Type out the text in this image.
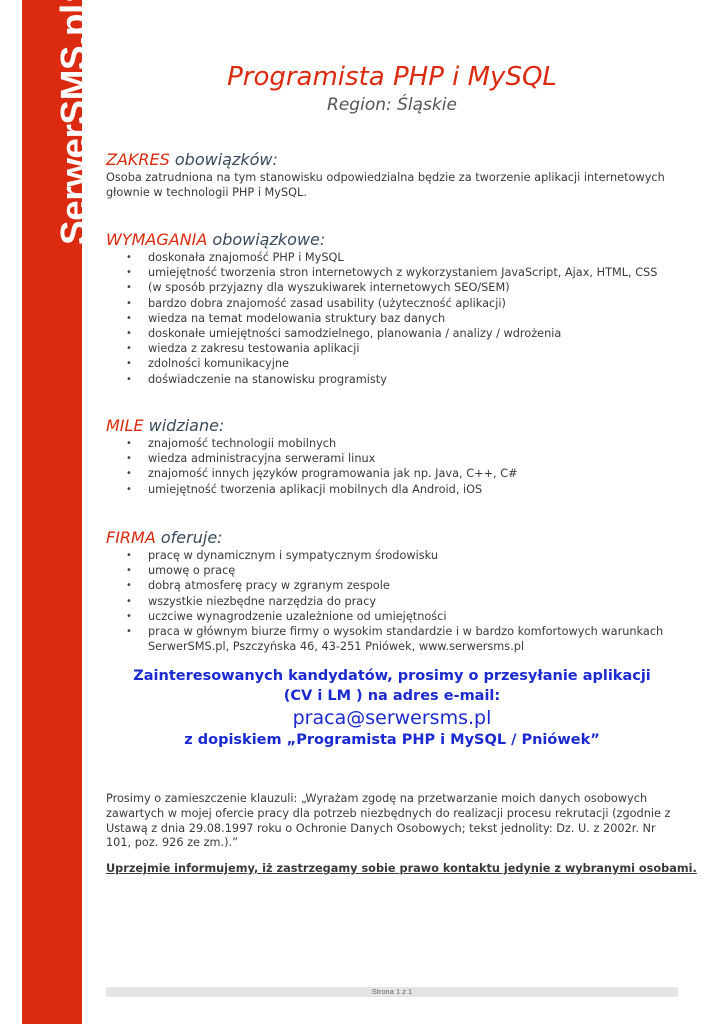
SerwerSMS.pl System Obsługi Marketingu Mobilnego	Programista PHP i MySQL
Region: Śląskie
ZAKRES obowiązków:

Osoba zatrudniona na tym stanowisku odpowiedzialna będzie za tworzenie aplikacji internetowych głownie w technologii PHP i MySQL.

WYMAGANIA obowiązkowe:
• doskonała znajomość PHP i MySQL
• umiejętność tworzenia stron internetowych z wykorzystaniem JavaScript, Ajax, HTML, CSS
• (w sposób przyjazny dla wyszukiwarek internetowych SEO/SEM)
• bardzo dobra znajomość zasad usability (użyteczność aplikacji)
• wiedza na temat modelowania struktury baz danych
• doskonałe umiejętności samodzielnego, planowania / analizy / wdrożenia
• wiedza z zakresu testowania aplikacji
• zdolności komunikacyjne
• doświadczenie na stanowisku programisty
MILE widziane:
• znajomość technologii mobilnych
• wiedza administracyjna serwerami linux
• znajomość innych języków programowania jak np. Java, C++, C#
• umiejętność tworzenia aplikacji mobilnych dla Android, iOS
FIRMA oferuje:
• pracę w dynamicznym i sympatycznym środowisku
• umowę o pracę
• dobrą atmosferę pracy w zgranym zespole
• wszystkie niezbędne narzędzia do pracy
• uczciwe wynagrodzenie uzależnione od umiejętności
• praca w głównym biurze firmy o wysokim standardzie i w bardzo komfortowych warunkach

SerwerSMS.pl, Pszczyńska 46, 43-251 Pniówek, www.serwersms.pl

Zainteresowanych kandydatów, prosimy o przesyłanie aplikacji
(CV i LM ) na adres e-mail:
praca@serwersms.pl
z dopiskiem „Programista PHP i MySQL / Pniówek”

Prosimy o zamieszczenie klauzuli: „Wyrażam zgodę na przetwarzanie moich danych osobowych zawartych w mojej ofercie pracy dla potrzeb niezbędnych do realizacji procesu rekrutacji (zgodnie z Ustawą z dnia 29.08.1997 roku o Ochronie Danych Osobowych; tekst jednolity: Dz. U. z 2002r. Nr 101, poz. 926 ze zm.).”

Uprzejmie informujemy, iż zastrzegamy sobie prawo kontaktu jedynie z wybranymi osobami.

Strona 1 z 1
